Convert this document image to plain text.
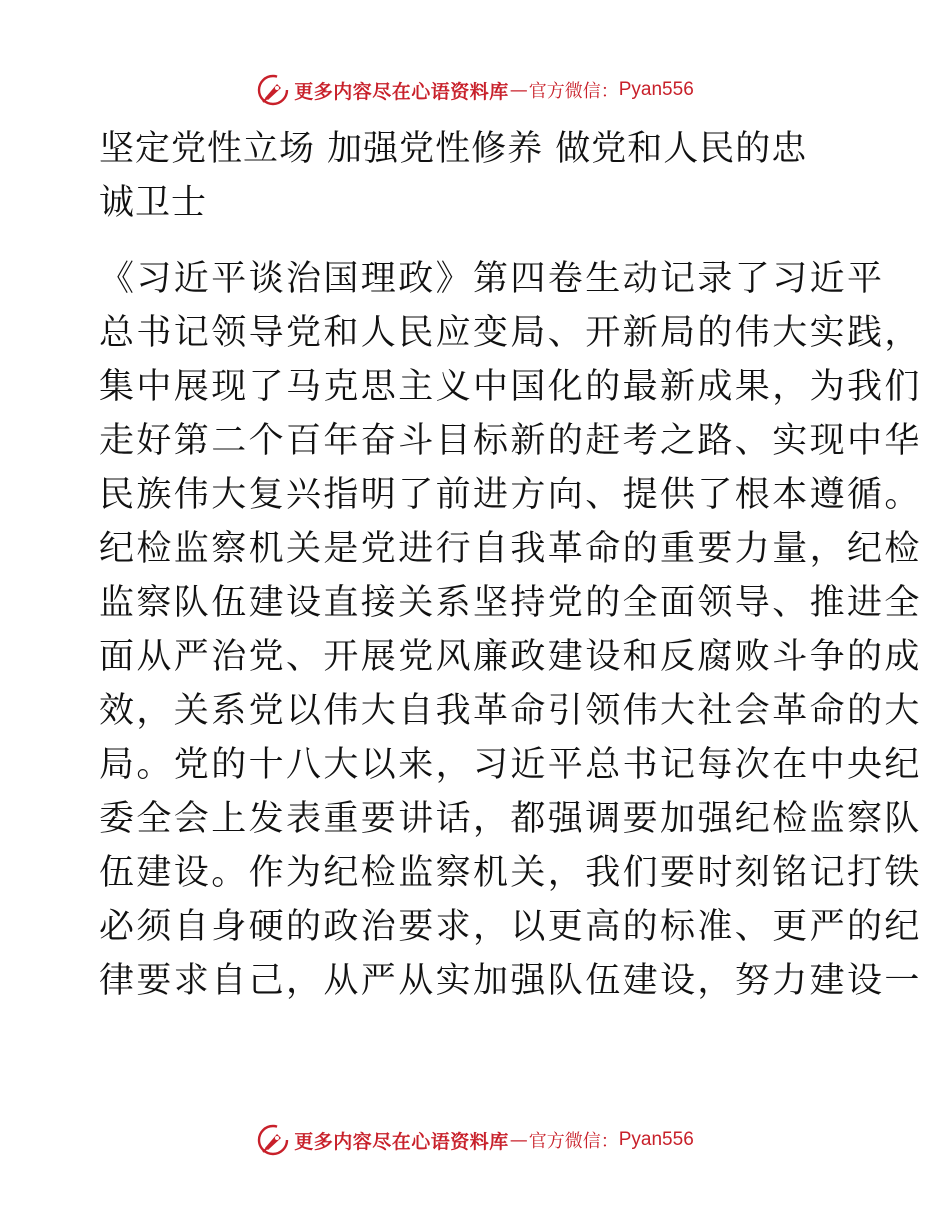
更多内容尽在心语资料库 — 官方微信： Pyan556
坚定党性立场 加强党性修养 做党和人民的忠
诚卫士
《习近平谈治国理政》第四卷生动记录了习近平
总书记领导党和人民应变局、开新局的伟大实践，
集中展现了马克思主义中国化的最新成果，为我们
走好第二个百年奋斗目标新的赶考之路、实现中华
民族伟大复兴指明了前进方向、提供了根本遵循。
纪检监察机关是党进行自我革命的重要力量，纪检
监察队伍建设直接关系坚持党的全面领导、推进全
面从严治党、开展党风廉政建设和反腐败斗争的成
效，关系党以伟大自我革命引领伟大社会革命的大
局。党的十八大以来，习近平总书记每次在中央纪
委全会上发表重要讲话，都强调要加强纪检监察队
伍建设。作为纪检监察机关，我们要时刻铭记打铁
必须自身硬的政治要求，以更高的标准、更严的纪
律要求自己，从严从实加强队伍建设，努力建设一
更多内容尽在心语资料库 — 官方微信： Pyan556
